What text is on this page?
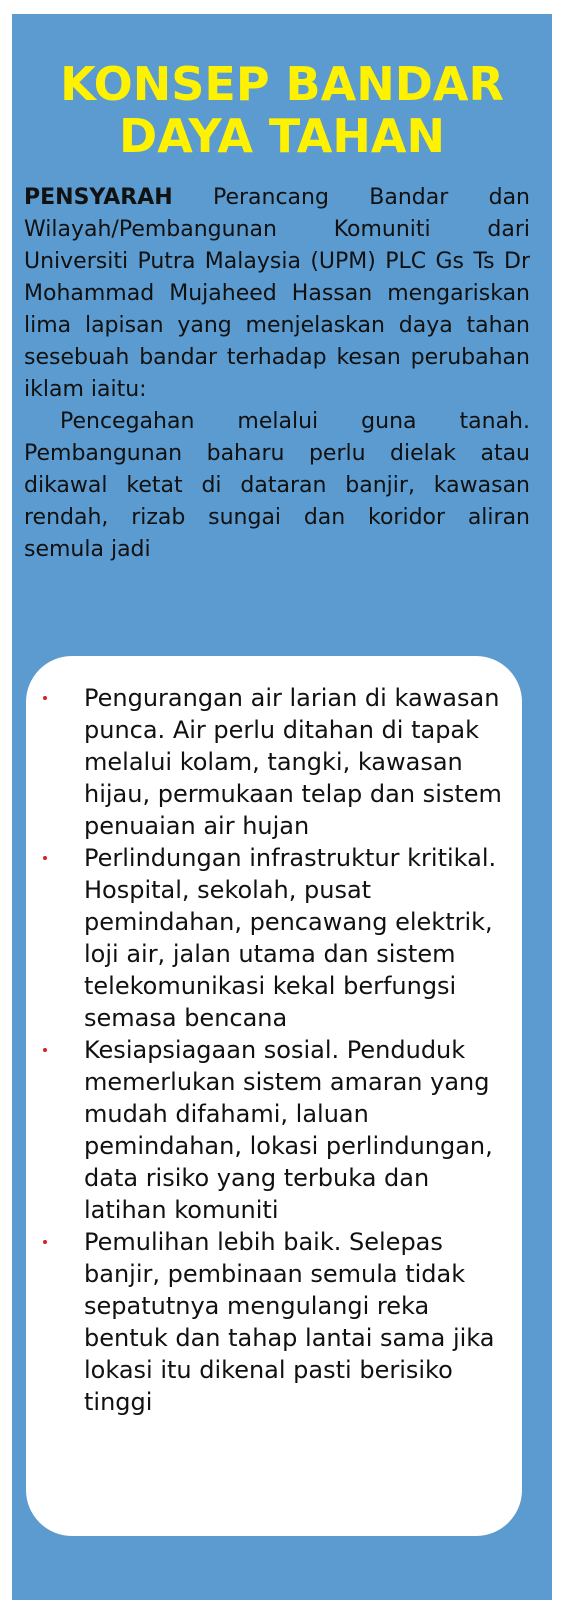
KONSEP BANDAR
DAYA TAHAN

PENSYARAH Perancang Bandar dan Wilayah/Pembangunan Komuniti dari Universiti Putra Malaysia (UPM) PLC Gs Ts Dr Mohammad Mujaheed Hassan mengariskan lima lapisan yang menjelaskan daya tahan sesebuah bandar terhadap kesan perubahan iklam iaitu:

Pencegahan melalui guna tanah. Pembangunan baharu perlu dielak atau dikawal ketat di dataran banjir, kawasan rendah, rizab sungai dan koridor aliran semula jadi

Pengurangan air larian di kawasan punca. Air perlu ditahan di tapak melalui kolam, tangki, kawasan hijau, permukaan telap dan sistem penuaian air hujan
Perlindungan infrastruktur kritikal. Hospital, sekolah, pusat pemindahan, pencawang elektrik, loji air, jalan utama dan sistem telekomunikasi kekal berfungsi semasa bencana
Kesiapsiagaan sosial. Penduduk memerlukan sistem amaran yang mudah difahami, laluan pemindahan, lokasi perlindungan, data risiko yang terbuka dan latihan komuniti
Pemulihan lebih baik. Selepas banjir, pembinaan semula tidak sepatutnya mengulangi reka bentuk dan tahap lantai sama jika lokasi itu dikenal pasti berisiko tinggi
